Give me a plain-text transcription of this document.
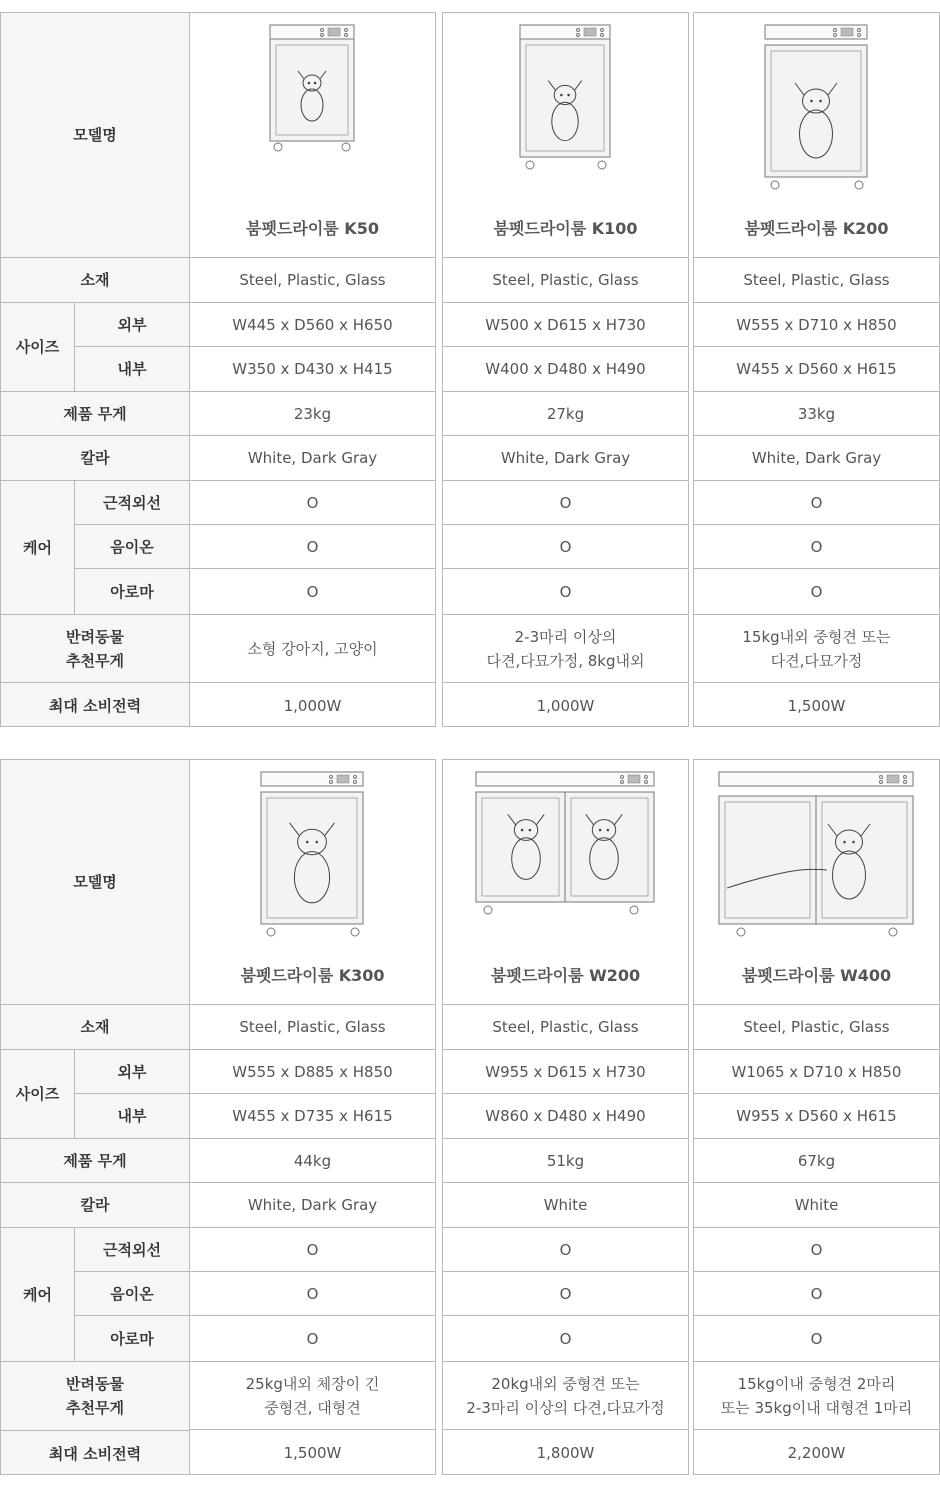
모델명
소재
사이즈
외부
내부
제품 무게
칼라
케어
근적외선
음이온
아로마
반려동물
추천무게
최대 소비전력
붐펫드라이룸 K50
Steel, Plastic, Glass
W445 x D560 x H650
W350 x D430 x H415
23kg
White, Dark Gray
O
O
O
소형 강아지, 고양이
1,000W
붐펫드라이룸 K100
Steel, Plastic, Glass
W500 x D615 x H730
W400 x D480 x H490
27kg
White, Dark Gray
O
O
O
2-3마리 이상의
다견,다묘가정, 8kg내외
1,000W
붐펫드라이룸 K200
Steel, Plastic, Glass
W555 x D710 x H850
W455 x D560 x H615
33kg
White, Dark Gray
O
O
O
15kg내외 중형견 또는
다견,다묘가정
1,500W
모델명
소재
사이즈
외부
내부
제품 무게
칼라
케어
근적외선
음이온
아로마
반려동물
추천무게
최대 소비전력
붐펫드라이룸 K300
Steel, Plastic, Glass
W555 x D885 x H850
W455 x D735 x H615
44kg
White, Dark Gray
O
O
O
25kg내외 체장이 긴
중형견, 대형견
1,500W
붐펫드라이룸 W200
Steel, Plastic, Glass
W955 x D615 x H730
W860 x D480 x H490
51kg
White
O
O
O
20kg내외 중형견 또는
2-3마리 이상의 다견,다묘가정
1,800W
붐펫드라이룸 W400
Steel, Plastic, Glass
W1065 x D710 x H850
W955 x D560 x H615
67kg
White
O
O
O
15kg이내 중형견 2마리
또는 35kg이내 대형견 1마리
2,200W
